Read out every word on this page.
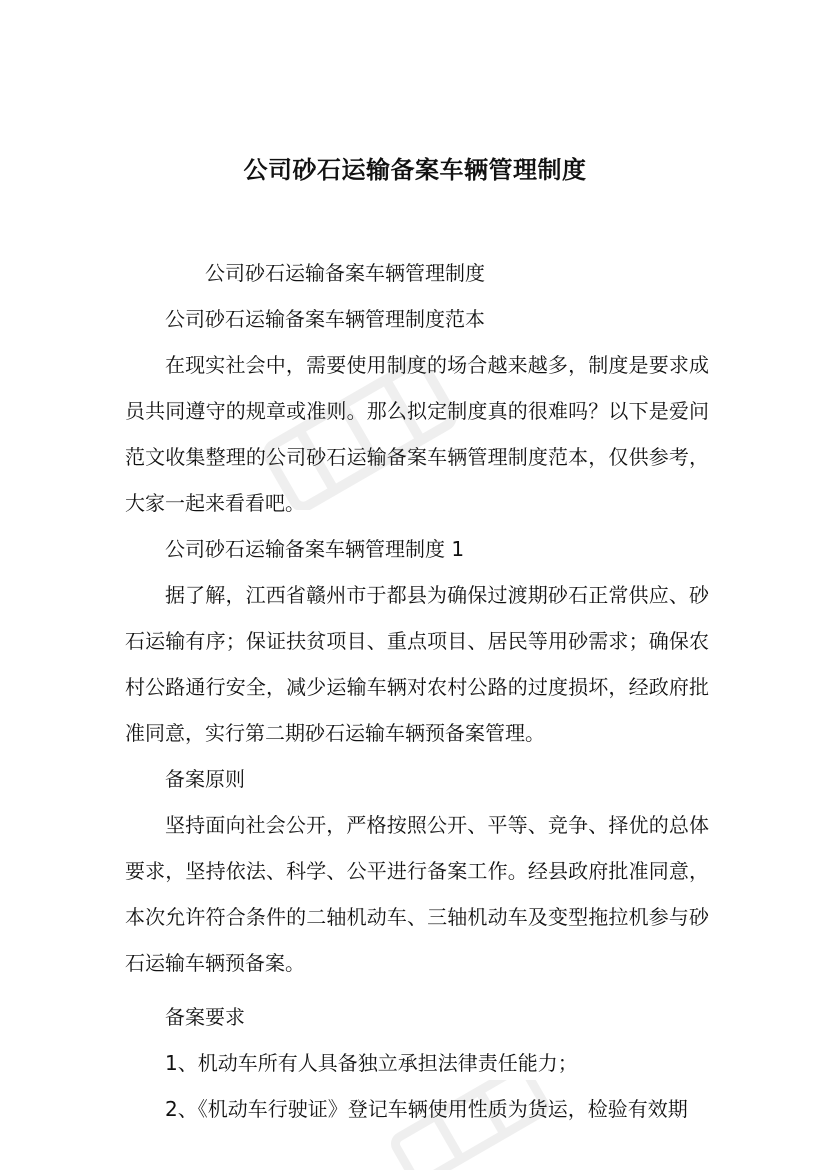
公司砂石运输备案车辆管理制度

公司砂石运输备案车辆管理制度

公司砂石运输备案车辆管理制度范本

在现实社会中，需要使用制度的场合越来越多，制度是要求成员共同遵守的规章或准则。那么拟定制度真的很难吗？以下是爱问范文收集整理的公司砂石运输备案车辆管理制度范本，仅供参考，大家一起来看看吧。

公司砂石运输备案车辆管理制度 1

据了解，江西省赣州市于都县为确保过渡期砂石正常供应、砂石运输有序；保证扶贫项目、重点项目、居民等用砂需求；确保农村公路通行安全，减少运输车辆对农村公路的过度损坏，经政府批准同意，实行第二期砂石运输车辆预备案管理。

备案原则

坚持面向社会公开，严格按照公开、平等、竞争、择优的总体要求，坚持依法、科学、公平进行备案工作。经县政府批准同意，本次允许符合条件的二轴机动车、三轴机动车及变型拖拉机参与砂石运输车辆预备案。

备案要求

1、机动车所有人具备独立承担法律责任能力；

2、《机动车行驶证》登记车辆使用性质为货运，检验有效期
